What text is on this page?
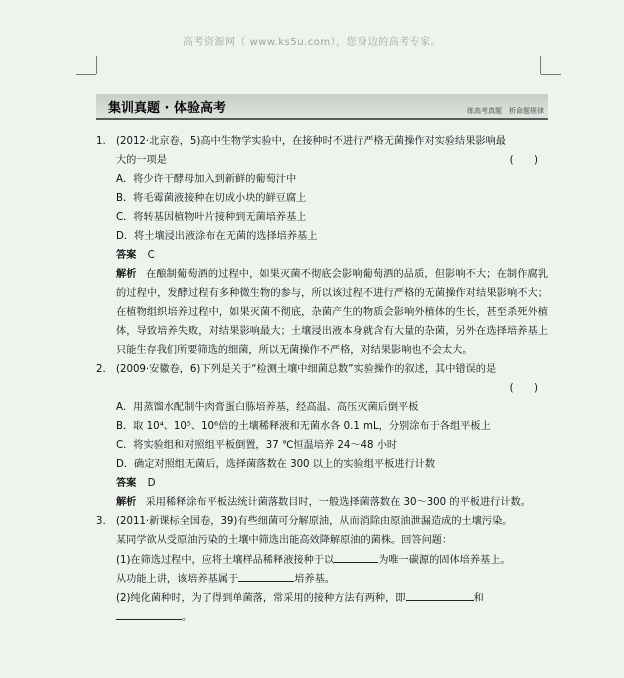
高考资源网（ www.ks5u.com），您身边的高考专家。
集训真题 · 体验高考	练高考真题　析命题规律
1. (2012·北京卷，5)高中生物学实验中，在接种时不进行严格无菌操作对实验结果影响最
大的一项是	(　　)
A．将少许干酵母加入到新鲜的葡萄汁中
B．将毛霉菌液接种在切成小块的鲜豆腐上
C．将转基因植物叶片接种到无菌培养基上
D．将土壤浸出液涂布在无菌的选择培养基上
答案 C
解析 在酿制葡萄酒的过程中，如果灭菌不彻底会影响葡萄酒的品质，但影响不大；在制作腐乳的过程中，发酵过程有多种微生物的参与，所以该过程不进行严格的无菌操作对结果影响不大；在植物组织培养过程中，如果灭菌不彻底，杂菌产生的物质会影响外植体的生长，甚至杀死外植体，导致培养失败，对结果影响最大；土壤浸出液本身就含有大量的杂菌，另外在选择培养基上只能生存我们所要筛选的细菌，所以无菌操作不严格，对结果影响也不会太大。
2. (2009·安徽卷，6)下列是关于“检测土壤中细菌总数”实验操作的叙述，其中错误的是
(　　)
A．用蒸馏水配制牛肉膏蛋白胨培养基，经高温、高压灭菌后倒平板
B．取 10⁴、10⁵、10⁶倍的土壤稀释液和无菌水各 0.1 mL，分别涂布于各组平板上
C．将实验组和对照组平板倒置，37 ℃恒温培养 24～48 小时
D．确定对照组无菌后，选择菌落数在 300 以上的实验组平板进行计数
答案 D
解析 采用稀释涂布平板法统计菌落数目时，一般选择菌落数在 30～300 的平板进行计数。
3. (2011·新课标全国卷，39)有些细菌可分解原油，从而消除由原油泄漏造成的土壤污染。
某同学欲从受原油污染的土壤中筛选出能高效降解原油的菌株。回答问题：
(1)在筛选过程中，应将土壤样品稀释液接种于以	为唯一碳源的固体培养基上。
从功能上讲，该培养基属于	培养基。
(2)纯化菌种时，为了得到单菌落，常采用的接种方法有两种，即	和
。
